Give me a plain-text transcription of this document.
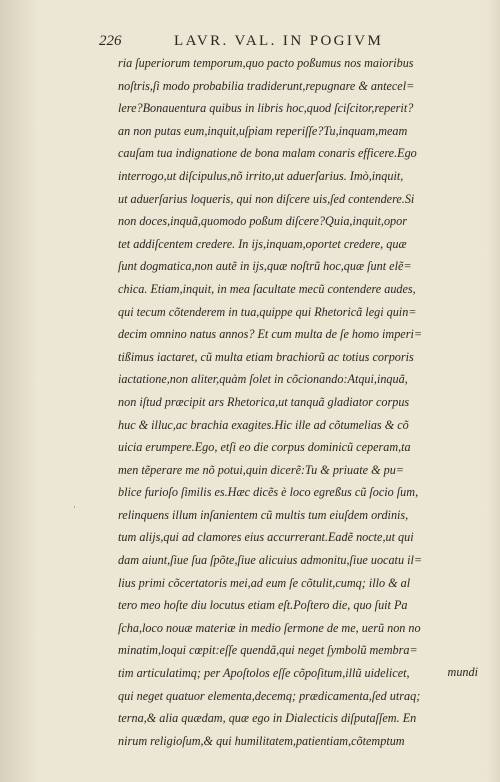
226	LAVR. VAL. IN POGIVM
·
ria ſuperiorum temporum,quo pacto poßumus nos maioribus
noſtris,ſi modo probabilia tradiderunt,repugnare & antecel=
lere?Bonauentura quibus in libris hoc,quod ſciſcitor,reperit?
an non putas eum,inquit,uſpiam reperiſſe?Tu,inquam,meam
cauſam tua indignatione de bona malam conaris efficere.Ego
interrogo,ut diſcipulus,nõ irrito,ut aduerſarius. Imò,inquit,
ut aduerſarius loqueris, qui non diſcere uis,ſed contendere.Si
non doces,inquã,quomodo poßum diſcere?Quia,inquit,opor
tet addiſcentem credere. In ijs,inquam,oportet credere, quæ
ſunt dogmatica,non autẽ in ijs,quæ noſtrũ hoc,quæ ſunt elẽ=
chica. Etiam,inquit, in mea ſacultate mecũ contendere audes,
qui tecum cõtenderem in tua,quippe qui Rhetoricã legi quin=
decim omnino natus annos? Et cum multa de ſe homo imperi=
tißimus iactaret, cũ multa etiam brachiorũ ac totius corporis
iactatione,non aliter,quàm ſolet in cõcionando:Atqui,inquã,
non iſtud præcipit ars Rhetorica,ut tanquã gladiator corpus
huc & illuc,ac brachia exagites.Hic ille ad cõtumelias & cõ
uicia erumpere.Ego, etſi eo die corpus dominicũ ceperam,ta
men tẽperare me nõ potui,quin dicerẽ:Tu & priuate & pu=
blice furioſo ſimilis es.Hæc dicẽs è loco egreßus cũ ſocio ſum,
relinquens illum inſanientem cũ multis tum eiuſdem ordinis,
tum alijs,qui ad clamores eius accurrerant.Eadẽ nocte,ut qui
dam aiunt,ſiue ſua ſpõte,ſiue alicuius admonitu,ſiue uocatu il=
lius primi cõcertatoris mei,ad eum ſe cõtulit,cumq; illo & al
tero meo hoſte diu locutus etiam eſt.Poſtero die, quo ſuit Pa
ſcha,loco nouæ materiæ in medio ſermone de me, uerũ non no
minatim,loqui cœpit:eſſe quendã,qui neget ſymbolũ membra=
tim articulatimq; per Apoſtolos eſſe cõpoſitum,illũ uidelicet,
qui neget quatuor elementa,decemq; prædicamenta,ſed utraq;
terna,& alia quædam, quæ ego in Dialecticis diſputaſſem. En
nirum religioſum,& qui humilitatem,patientiam,cõtemptum
mundi
